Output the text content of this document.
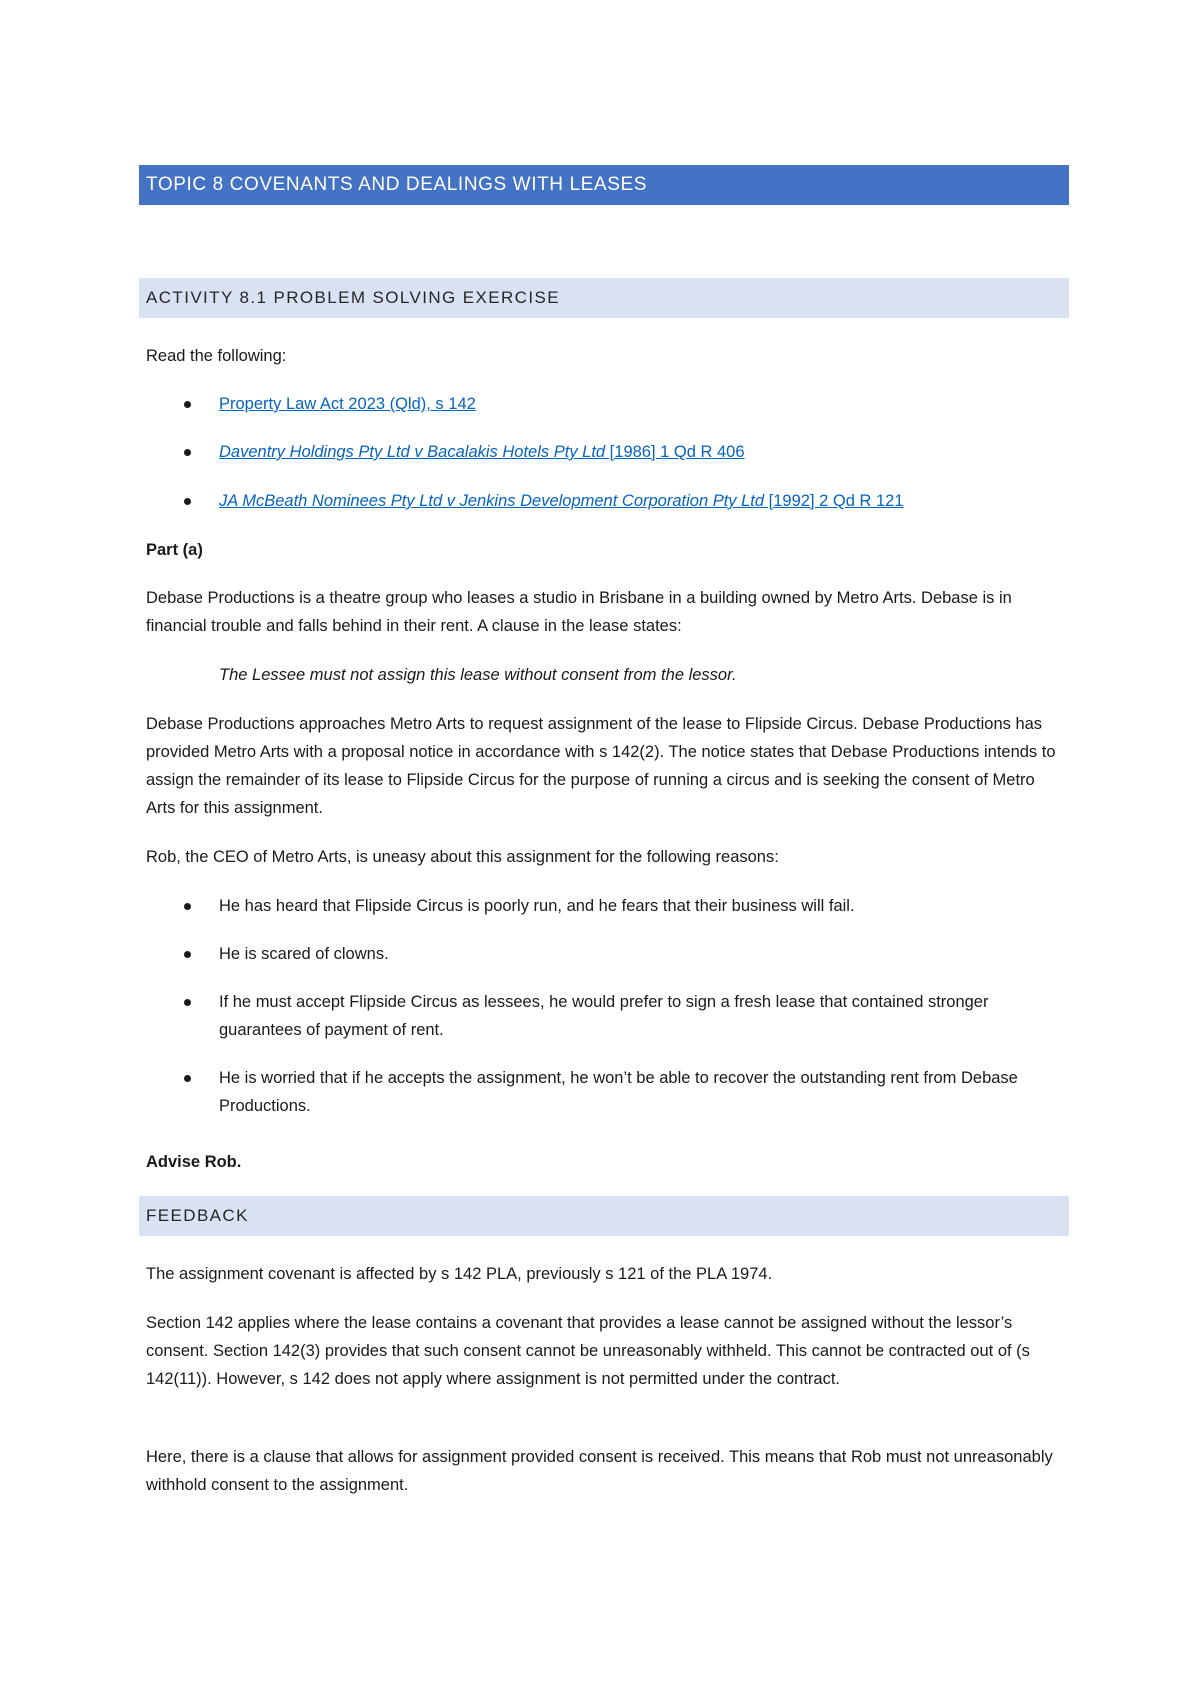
TOPIC 8 COVENANTS AND DEALINGS WITH LEASES
ACTIVITY 8.1 PROBLEM SOLVING EXERCISE

Read the following:

Property Law Act 2023 (Qld), s 142
Daventry Holdings Pty Ltd v Bacalakis Hotels Pty Ltd [1986] 1 Qd R 406
JA McBeath Nominees Pty Ltd v Jenkins Development Corporation Pty Ltd [1992] 2 Qd R 121

Part (a)

Debase Productions is a theatre group who leases a studio in Brisbane in a building owned by Metro Arts. Debase is in financial trouble and falls behind in their rent. A clause in the lease states:

The Lessee must not assign this lease without consent from the lessor.

Debase Productions approaches Metro Arts to request assignment of the lease to Flipside Circus. Debase Productions has provided Metro Arts with a proposal notice in accordance with s 142(2). The notice states that Debase Productions intends to assign the remainder of its lease to Flipside Circus for the purpose of running a circus and is seeking the consent of Metro Arts for this assignment.

Rob, the CEO of Metro Arts, is uneasy about this assignment for the following reasons:

He has heard that Flipside Circus is poorly run, and he fears that their business will fail.
He is scared of clowns.
If he must accept Flipside Circus as lessees, he would prefer to sign a fresh lease that contained stronger guarantees of payment of rent.
He is worried that if he accepts the assignment, he won’t be able to recover the outstanding rent from Debase Productions.

Advise Rob.

FEEDBACK

The assignment covenant is affected by s 142 PLA, previously s 121 of the PLA 1974.

Section 142 applies where the lease contains a covenant that provides a lease cannot be assigned without the lessor’s consent. Section 142(3) provides that such consent cannot be unreasonably withheld. This cannot be contracted out of (s 142(11)). However, s 142 does not apply where assignment is not permitted under the contract.

Here, there is a clause that allows for assignment provided consent is received. This means that Rob must not unreasonably withhold consent to the assignment.
